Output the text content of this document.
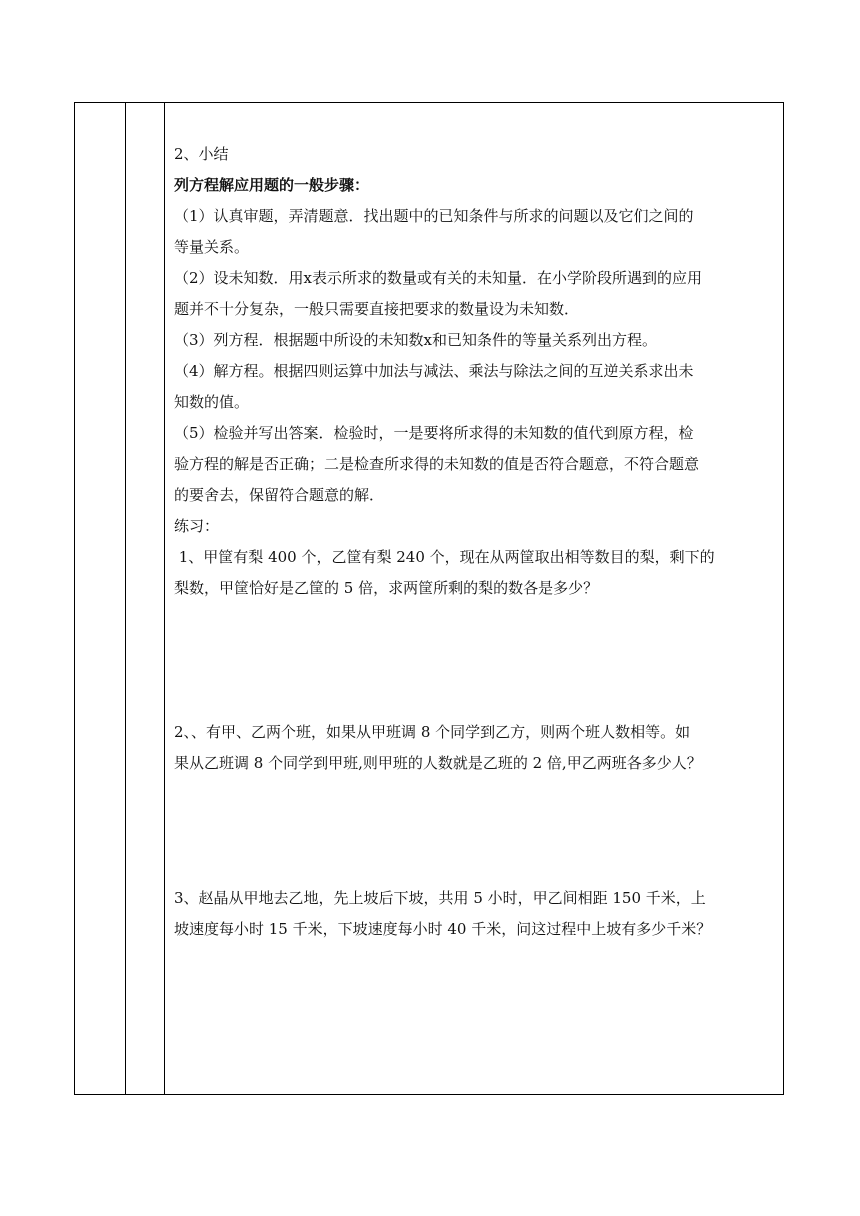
2、小结

列方程解应用题的一般步骤：

（1）认真审题，弄清题意．找出题中的已知条件与所求的问题以及它们之间的

等量关系。

（2）设未知数．用x表示所求的数量或有关的未知量．在小学阶段所遇到的应用

题并不十分复杂，一般只需要直接把要求的数量设为未知数．

（3）列方程．根据题中所设的未知数x和已知条件的等量关系列出方程。

（4）解方程。根据四则运算中加法与减法、乘法与除法之间的互逆关系求出未

知数的值。

（5）检验并写出答案．检验时，一是要将所求得的未知数的值代到原方程，检

验方程的解是否正确；二是检查所求得的未知数的值是否符合题意，不符合题意

的要舍去，保留符合题意的解．

练习：

1、甲筐有梨 400 个，乙筐有梨 240 个，现在从两筐取出相等数目的梨，剩下的

梨数，甲筐恰好是乙筐的 5 倍，求两筐所剩的梨的数各是多少？

2、、有甲、乙两个班，如果从甲班调 8 个同学到乙方，则两个班人数相等。如

果从乙班调 8 个同学到甲班,则甲班的人数就是乙班的 2 倍,甲乙两班各多少人？

3、赵晶从甲地去乙地，先上坡后下坡，共用 5 小时，甲乙间相距 150 千米，上

坡速度每小时 15 千米，下坡速度每小时 40 千米，问这过程中上坡有多少千米？
